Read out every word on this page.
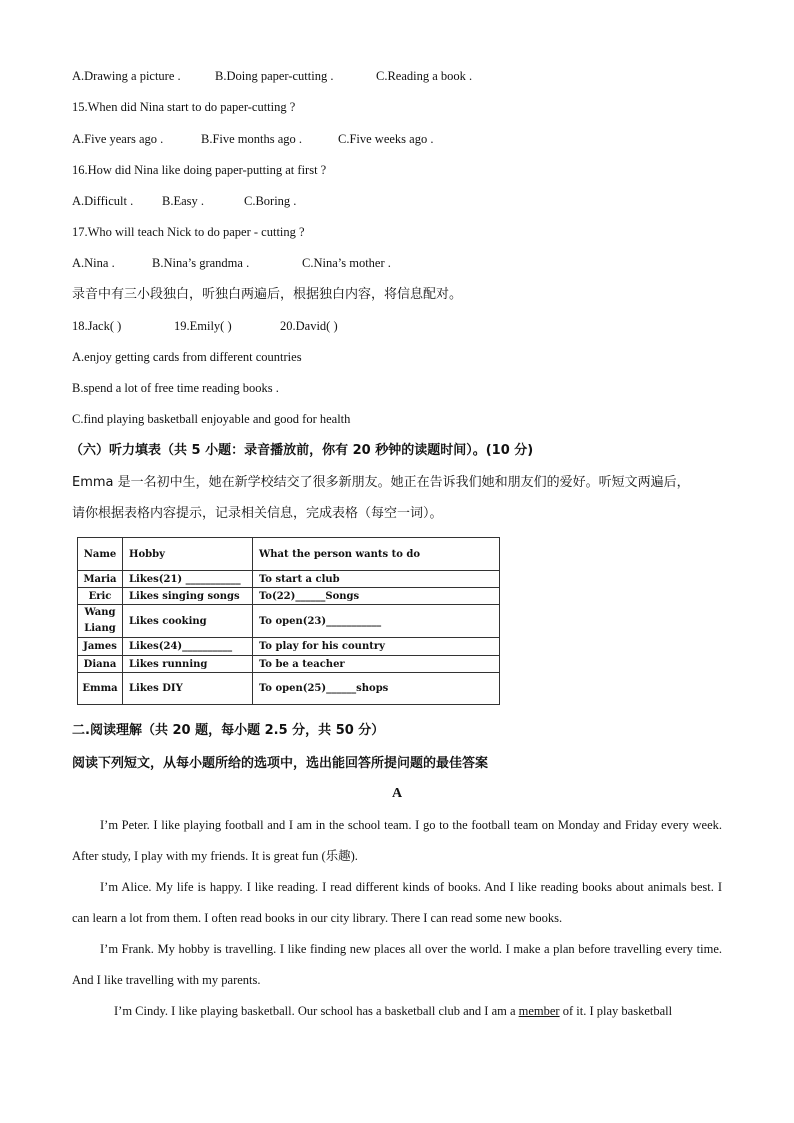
A.Drawing a picture .	B.Doing paper-cutting .	C.Reading a book .
15.When did Nina start to do paper-cutting ?
A.Five years ago .	B.Five months ago .	C.Five weeks ago .
16.How did Nina like doing paper-putting at first ?
A.Difficult . B.Easy .	C.Boring .
17.Who will teach Nick to do paper - cutting ?
A.Nina .	B.Nina’s grandma .	C.Nina’s mother .
录音中有三小段独白，听独白两遍后，根据独白内容，将信息配对。
18.Jack( )	19.Emily( )	20.David( )
A.enjoy getting cards from different countries
B.spend a lot of free time reading books .
C.find playing basketball enjoyable and good for health
（六）听力填表（共 5 小题：录音播放前，你有 20 秒钟的读题时间）。(10 分)
Emma 是一名初中生，她在新学校结交了很多新朋友。她正在告诉我们她和朋友们的爱好。听短文两遍后，
请你根据表格内容提示，记录相关信息，完成表格（每空一词）。
Name	Hobby	What the person wants to do
Maria	Likes(21) ___________	To start a club
Eric	Likes singing songs	To(22)______Songs
Wang Liang	Likes cooking	To open(23)___________
James	Likes(24)__________	To play for his country
Diana	Likes running	To be a teacher
Emma	Likes DIY	To open(25)______shops
二.阅读理解（共 20 题，每小题 2.5 分，共 50 分）
阅读下列短文，从每小题所给的选项中，选出能回答所提问题的最佳答案
A
I’m Peter. I like playing football and I am in the school team. I go to the football team on Monday and Friday every week. After study, I play with my friends. It is great fun (乐趣).
I’m Alice. My life is happy. I like reading. I read different kinds of books. And I like reading books about animals best. I can learn a lot from them. I often read books in our city library. There I can read some new books.
I’m Frank. My hobby is travelling. I like finding new places all over the world. I make a plan before travelling every time. And I like travelling with my parents.
I’m Cindy. I like playing basketball. Our school has a basketball club and I am a member of it. I play basketball
